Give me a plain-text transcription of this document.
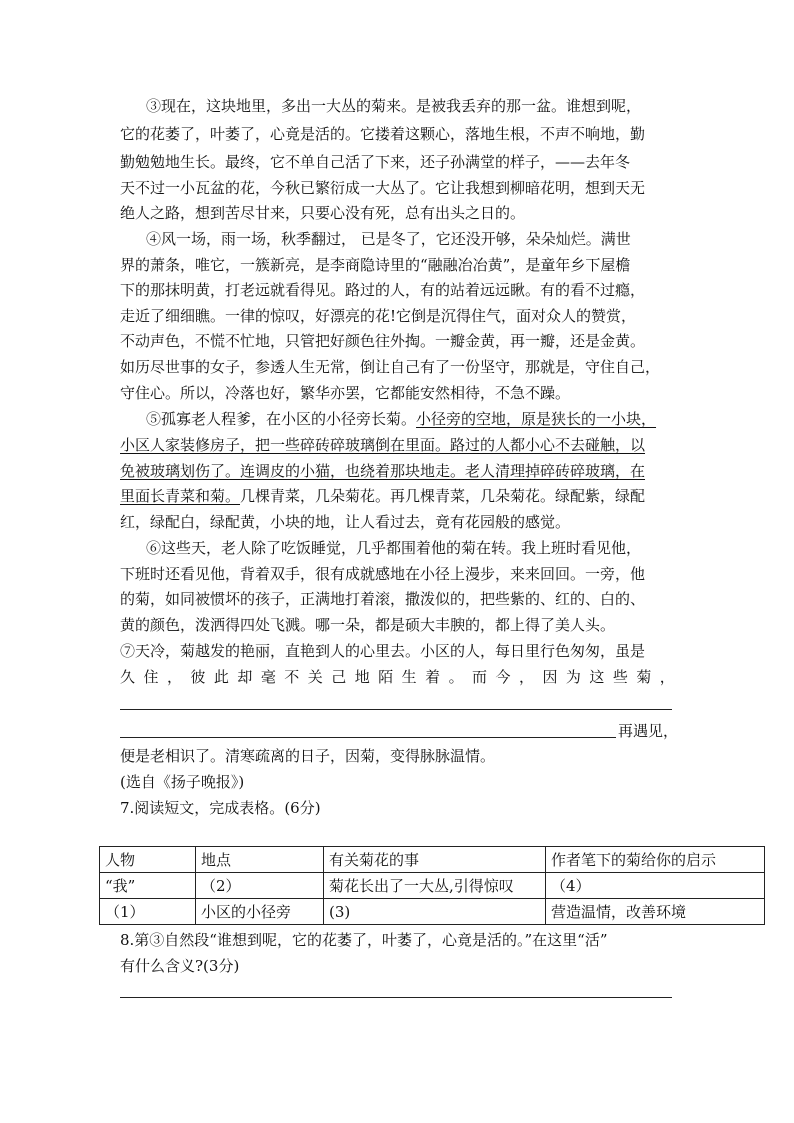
③现在，这块地里，多出一大丛的菊来。是被我丢弃的那一盆。谁想到呢，
它的花萎了，叶萎了，心竟是活的。它搂着这颗心，落地生根，不声不响地，勤
勤勉勉地生长。最终，它不单自己活了下来，还子孙满堂的样子，——去年冬
天不过一小瓦盆的花，今秋已繁衍成一大丛了。它让我想到柳暗花明，想到天无
绝人之路，想到苦尽甘来，只要心没有死，总有出头之日的。
④风一场，雨一场，秋季翻过， 已是冬了，它还没开够，朵朵灿烂。满世
界的萧条，唯它，一簇新亮，是李商隐诗里的“融融冶冶黄”，是童年乡下屋檐
下的那抹明黄，打老远就看得见。路过的人，有的站着远远瞅。有的看不过瘾，
走近了细细瞧。一律的惊叹，好漂亮的花!它倒是沉得住气，面对众人的赞赏，
不动声色，不慌不忙地，只管把好颜色往外掏。一瓣金黄，再一瓣，还是金黄。
如历尽世事的女子，参透人生无常，倒让自己有了一份坚守，那就是，守住自己，
守住心。所以，冷落也好，繁华亦罢，它都能安然相待，不急不躁。
⑤孤寡老人程爹，在小区的小径旁长菊。小径旁的空地，原是狭长的一小块，
小区人家装修房子，把一些碎砖碎玻璃倒在里面。路过的人都小心不去碰触，以
免被玻璃划伤了。连调皮的小猫，也绕着那块地走。老人清理掉碎砖碎玻璃，在
里面长青菜和菊。几棵青菜，几朵菊花。再几棵青菜，几朵菊花。绿配紫，绿配
红，绿配白，绿配黄，小块的地，让人看过去，竟有花园般的感觉。
⑥这些天，老人除了吃饭睡觉，几乎都围着他的菊在转。我上班时看见他，
下班时还看见他，背着双手，很有成就感地在小径上漫步，来来回回。一旁，他
的菊，如同被惯坏的孩子，正满地打着滚，撒泼似的，把些紫的、红的、白的、
黄的颜色，泼洒得四处飞溅。哪一朵，都是硕大丰腴的，都上得了美人头。
⑦天冷，菊越发的艳丽，直艳到人的心里去。小区的人，每日里行色匆匆，虽是
久 住 ， 彼 此 却 毫 不 关 己 地 陌 生 着 。 而 今 ， 因 为 这 些 菊 ，
再遇见，
便是老相识了。清寒疏离的日子，因菊，变得脉脉温情。
(选自《扬子晚报》)
7.阅读短文，完成表格。(6分)
人物	地点	有关菊花的事	作者笔下的菊给你的启示
“我”	（2）	菊花长出了一大丛,引得惊叹	（4）
（1）	小区的小径旁	(3)	营造温情，改善环境
8.第③自然段“谁想到呢，它的花萎了，叶萎了，心竟是活的。”在这里“活”
有什么含义?(3分)
